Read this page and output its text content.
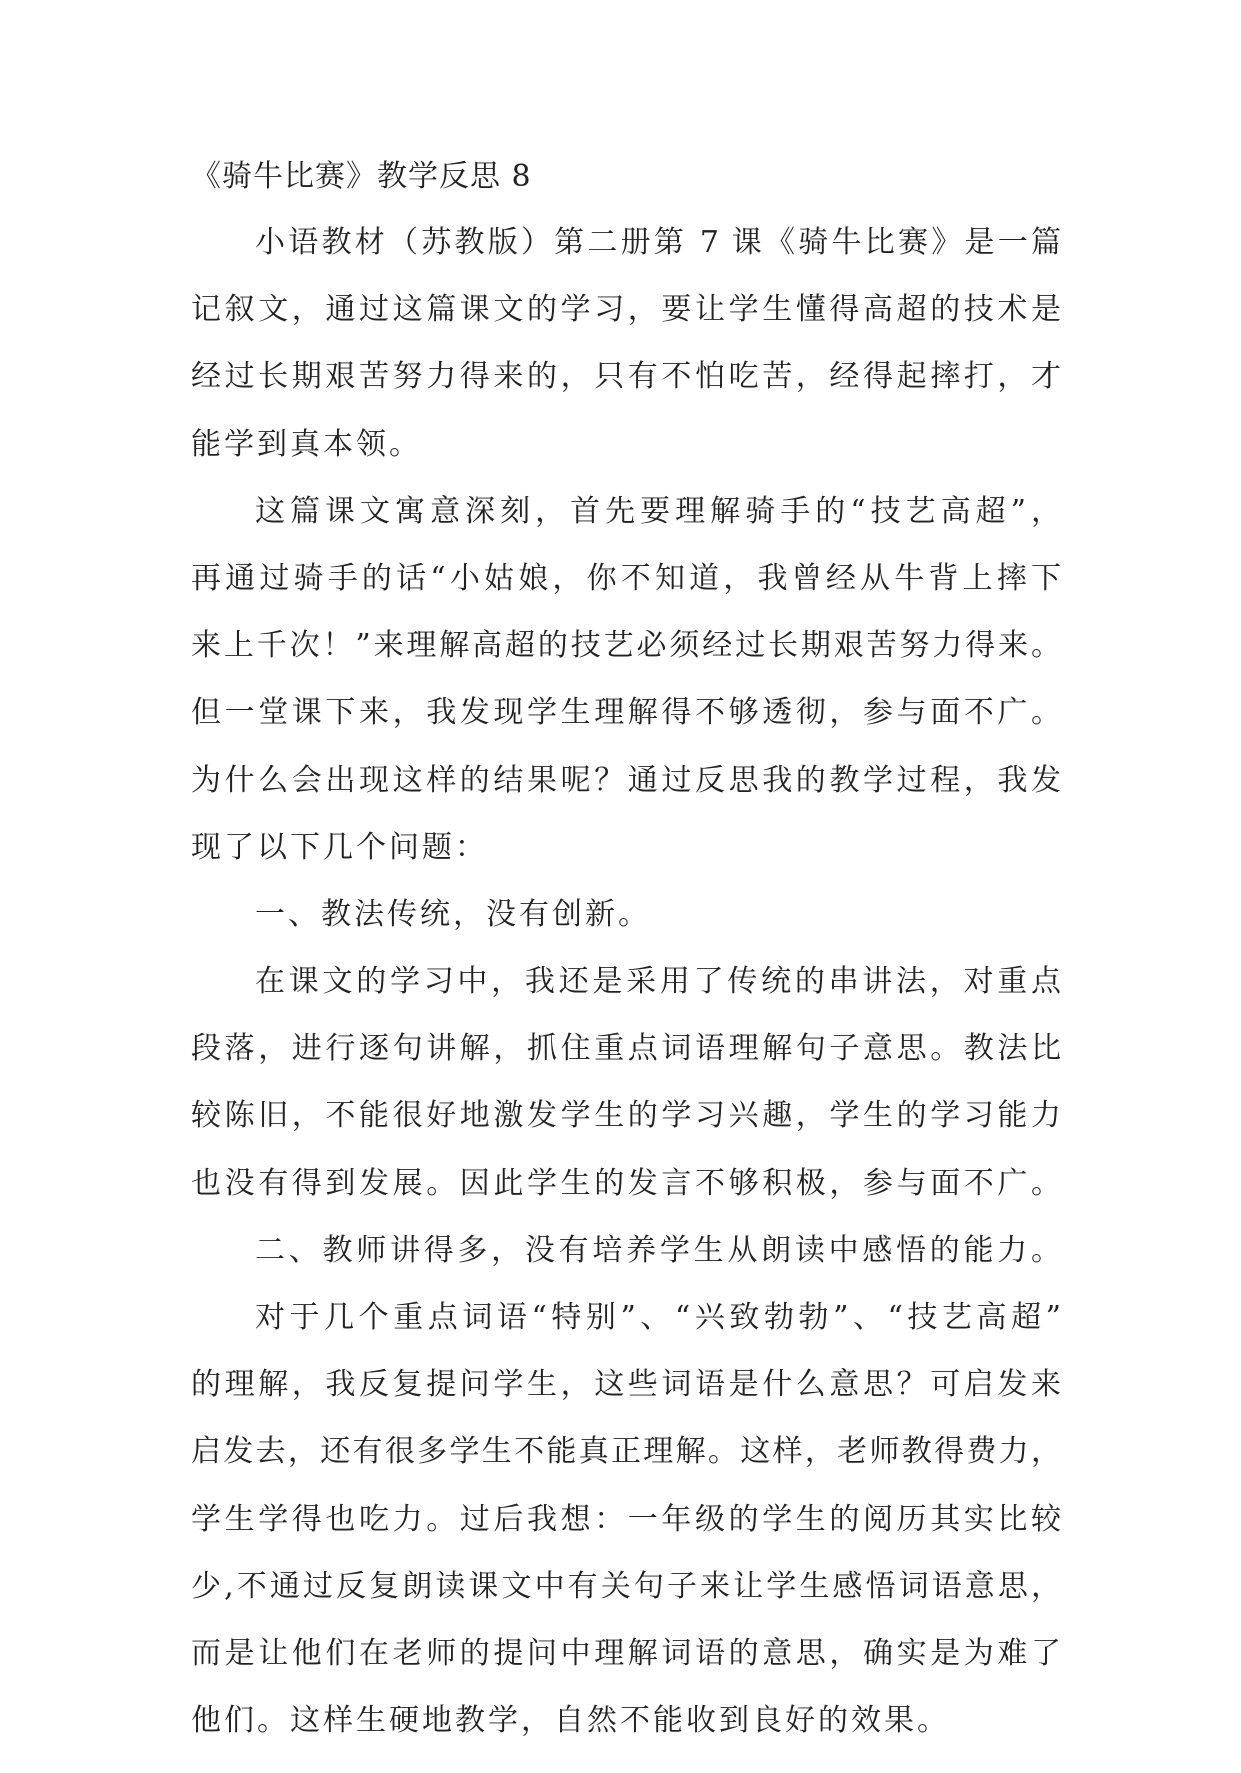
《骑牛比赛》教学反思 8
小语教材（苏教版）第二册第 7 课《骑牛比赛》是一篇
记叙文，通过这篇课文的学习，要让学生懂得高超的技术是
经过长期艰苦努力得来的，只有不怕吃苦，经得起摔打，才
能学到真本领。
这篇课文寓意深刻，首先要理解骑手的“技艺高超”，
再通过骑手的话“小姑娘，你不知道，我曾经从牛背上摔下
来上千次！”来理解高超的技艺必须经过长期艰苦努力得来。
但一堂课下来，我发现学生理解得不够透彻，参与面不广。
为什么会出现这样的结果呢？通过反思我的教学过程，我发
现了以下几个问题：
一、教法传统，没有创新。
在课文的学习中，我还是采用了传统的串讲法，对重点
段落，进行逐句讲解，抓住重点词语理解句子意思。教法比
较陈旧，不能很好地激发学生的学习兴趣，学生的学习能力
也没有得到发展。因此学生的发言不够积极，参与面不广。
二、教师讲得多，没有培养学生从朗读中感悟的能力。
对于几个重点词语“特别”、“兴致勃勃”、“技艺高超”
的理解，我反复提问学生，这些词语是什么意思？可启发来
启发去，还有很多学生不能真正理解。这样，老师教得费力，
学生学得也吃力。过后我想：一年级的学生的阅历其实比较
少,不通过反复朗读课文中有关句子来让学生感悟词语意思，
而是让他们在老师的提问中理解词语的意思，确实是为难了
他们。这样生硬地教学，自然不能收到良好的效果。
